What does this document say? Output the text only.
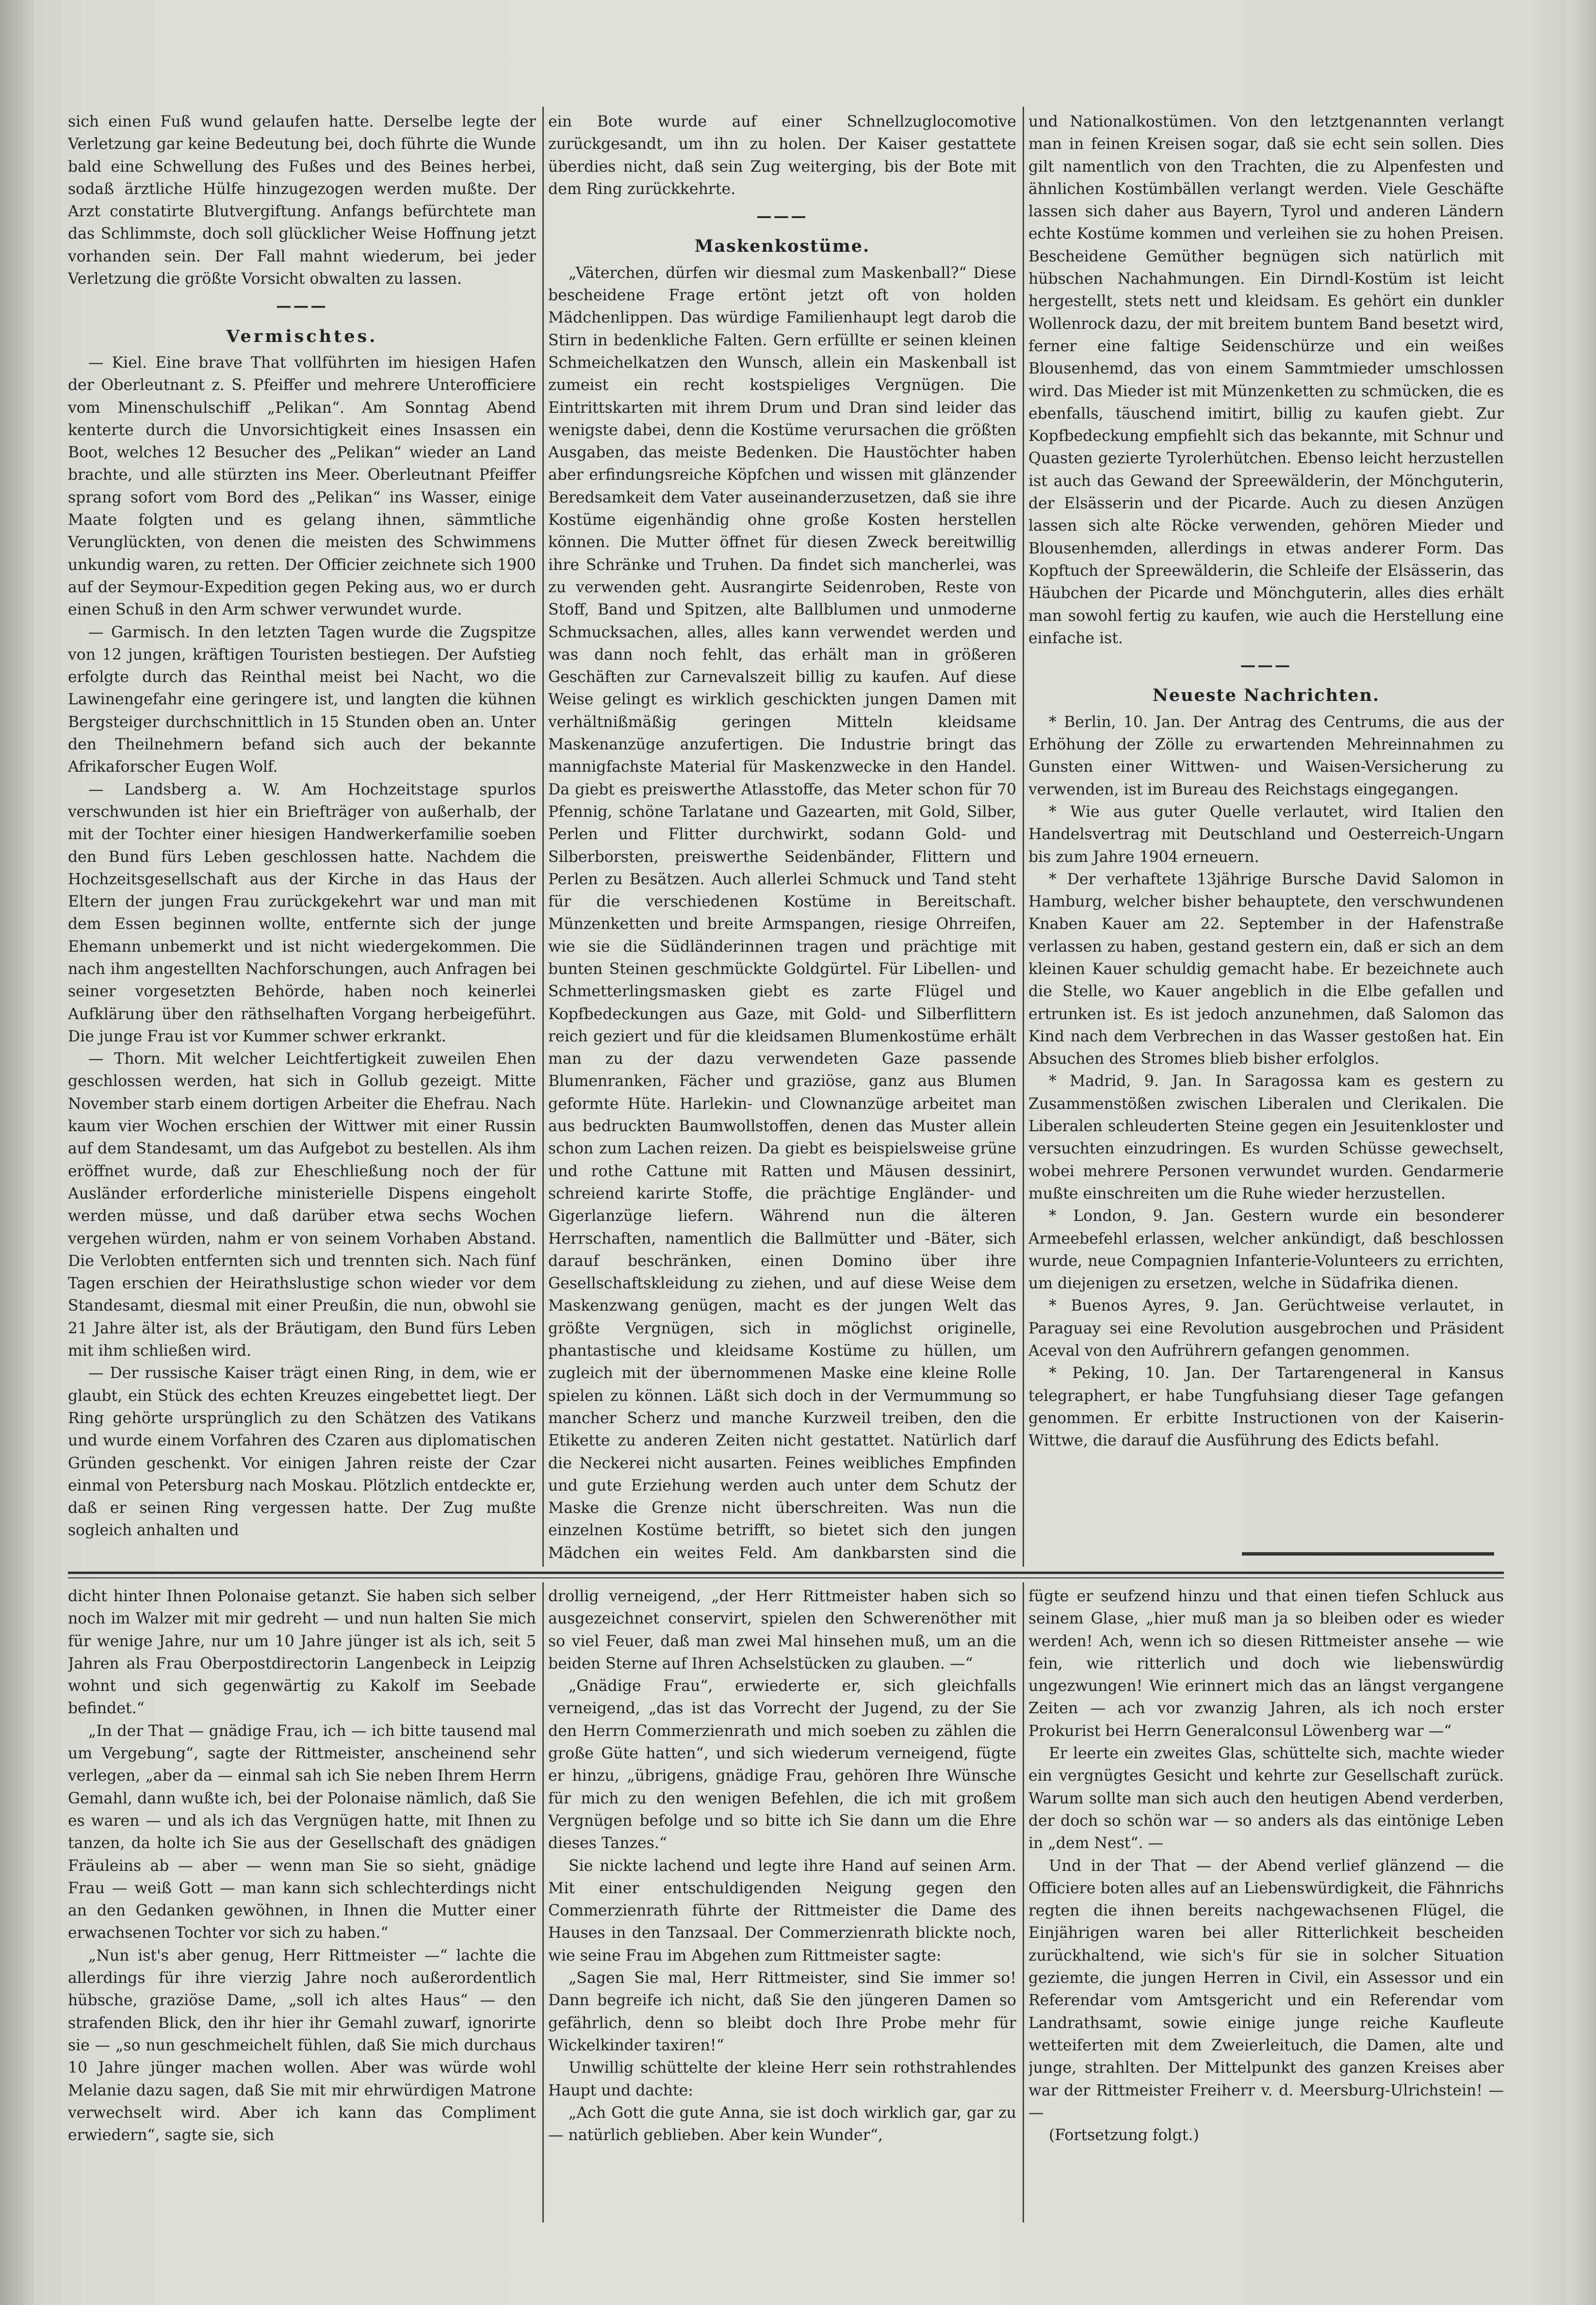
sich einen Fuß wund gelaufen hatte. Derselbe legte der Verletzung gar keine Bedeutung bei, doch führte die Wunde bald eine Schwellung des Fußes und des Beines herbei, sodaß ärztliche Hülfe hinzugezogen werden mußte. Der Arzt constatirte Blutvergiftung. Anfangs befürchtete man das Schlimmste, doch soll glücklicher Weise Hoffnung jetzt vorhanden sein. Der Fall mahnt wiederum, bei jeder Verletzung die größte Vorsicht obwalten zu lassen.

———
Vermischtes.

— Kiel. Eine brave That vollführten im hiesigen Hafen der Oberleutnant z. S. Pfeiffer und mehrere Unterofficiere vom Minenschulschiff „Pelikan“. Am Sonntag Abend kenterte durch die Unvorsichtigkeit eines Insassen ein Boot, welches 12 Besucher des „Pelikan“ wieder an Land brachte, und alle stürzten ins Meer. Oberleutnant Pfeiffer sprang sofort vom Bord des „Pelikan“ ins Wasser, einige Maate folgten und es gelang ihnen, sämmtliche Verunglückten, von denen die meisten des Schwimmens unkundig waren, zu retten. Der Officier zeichnete sich 1900 auf der Seymour-Expedition gegen Peking aus, wo er durch einen Schuß in den Arm schwer verwundet wurde.

— Garmisch. In den letzten Tagen wurde die Zugspitze von 12 jungen, kräftigen Touristen bestiegen. Der Aufstieg erfolgte durch das Reinthal meist bei Nacht, wo die Lawinengefahr eine geringere ist, und langten die kühnen Bergsteiger durchschnittlich in 15 Stunden oben an. Unter den Theilnehmern befand sich auch der bekannte Afrikaforscher Eugen Wolf.

— Landsberg a. W. Am Hochzeitstage spurlos verschwunden ist hier ein Briefträger von außerhalb, der mit der Tochter einer hiesigen Handwerkerfamilie soeben den Bund fürs Leben geschlossen hatte. Nachdem die Hochzeitsgesellschaft aus der Kirche in das Haus der Eltern der jungen Frau zurückgekehrt war und man mit dem Essen beginnen wollte, entfernte sich der junge Ehemann unbemerkt und ist nicht wiedergekommen. Die nach ihm angestellten Nachforschungen, auch Anfragen bei seiner vorgesetzten Behörde, haben noch keinerlei Aufklärung über den räthselhaften Vorgang herbeigeführt. Die junge Frau ist vor Kummer schwer erkrankt.

— Thorn. Mit welcher Leichtfertigkeit zuweilen Ehen geschlossen werden, hat sich in Gollub gezeigt. Mitte November starb einem dortigen Arbeiter die Ehefrau. Nach kaum vier Wochen erschien der Wittwer mit einer Russin auf dem Standesamt, um das Aufgebot zu bestellen. Als ihm eröffnet wurde, daß zur Eheschließung noch der für Ausländer erforderliche ministerielle Dispens eingeholt werden müsse, und daß darüber etwa sechs Wochen vergehen würden, nahm er von seinem Vorhaben Abstand. Die Verlobten entfernten sich und trennten sich. Nach fünf Tagen erschien der Heirathslustige schon wieder vor dem Standesamt, diesmal mit einer Preußin, die nun, obwohl sie 21 Jahre älter ist, als der Bräutigam, den Bund fürs Leben mit ihm schließen wird.

— Der russische Kaiser trägt einen Ring, in dem, wie er glaubt, ein Stück des echten Kreuzes eingebettet liegt. Der Ring gehörte ursprünglich zu den Schätzen des Vatikans und wurde einem Vorfahren des Czaren aus diplomatischen Gründen geschenkt. Vor einigen Jahren reiste der Czar einmal von Petersburg nach Moskau. Plötzlich entdeckte er, daß er seinen Ring vergessen hatte. Der Zug mußte sogleich anhalten und

ein Bote wurde auf einer Schnellzuglocomotive zurückgesandt, um ihn zu holen. Der Kaiser gestattete überdies nicht, daß sein Zug weiterging, bis der Bote mit dem Ring zurückkehrte.

———
Maskenkostüme.

„Väterchen, dürfen wir diesmal zum Maskenball?“ Diese bescheidene Frage ertönt jetzt oft von holden Mädchenlippen. Das würdige Familienhaupt legt darob die Stirn in bedenkliche Falten. Gern erfüllte er seinen kleinen Schmeichelkatzen den Wunsch, allein ein Maskenball ist zumeist ein recht kostspieliges Vergnügen. Die Eintrittskarten mit ihrem Drum und Dran sind leider das wenigste dabei, denn die Kostüme verursachen die größten Ausgaben, das meiste Bedenken. Die Haustöchter haben aber erfindungsreiche Köpfchen und wissen mit glänzender Beredsamkeit dem Vater auseinanderzusetzen, daß sie ihre Kostüme eigenhändig ohne große Kosten herstellen können. Die Mutter öffnet für diesen Zweck bereitwillig ihre Schränke und Truhen. Da findet sich mancherlei, was zu verwenden geht. Ausrangirte Seidenroben, Reste von Stoff, Band und Spitzen, alte Ballblumen und unmoderne Schmucksachen, alles, alles kann verwendet werden und was dann noch fehlt, das erhält man in größeren Geschäften zur Carnevalszeit billig zu kaufen. Auf diese Weise gelingt es wirklich geschickten jungen Damen mit verhältnißmäßig geringen Mitteln kleidsame Maskenanzüge anzufertigen. Die Industrie bringt das mannigfachste Material für Maskenzwecke in den Handel. Da giebt es preiswerthe Atlasstoffe, das Meter schon für 70 Pfennig, schöne Tarlatane und Gazearten, mit Gold, Silber, Perlen und Flitter durchwirkt, sodann Gold- und Silberborsten, preiswerthe Seidenbänder, Flittern und Perlen zu Besätzen. Auch allerlei Schmuck und Tand steht für die verschiedenen Kostüme in Bereitschaft. Münzenketten und breite Armspangen, riesige Ohrreifen, wie sie die Südländerinnen tragen und prächtige mit bunten Steinen geschmückte Goldgürtel. Für Libellen- und Schmetterlingsmasken giebt es zarte Flügel und Kopfbedeckungen aus Gaze, mit Gold- und Silberflittern reich geziert und für die kleidsamen Blumenkostüme erhält man zu der dazu verwendeten Gaze passende Blumenranken, Fächer und graziöse, ganz aus Blumen geformte Hüte. Harlekin- und Clownanzüge arbeitet man aus bedruckten Baumwollstoffen, denen das Muster allein schon zum Lachen reizen. Da giebt es beispielsweise grüne und rothe Cattune mit Ratten und Mäusen dessinirt, schreiend karirte Stoffe, die prächtige Engländer- und Gigerlanzüge liefern. Während nun die älteren Herrschaften, namentlich die Ballmütter und -Bäter, sich darauf beschränken, einen Domino über ihre Gesellschaftskleidung zu ziehen, und auf diese Weise dem Maskenzwang genügen, macht es der jungen Welt das größte Vergnügen, sich in möglichst originelle, phantastische und kleidsame Kostüme zu hüllen, um zugleich mit der übernommenen Maske eine kleine Rolle spielen zu können. Läßt sich doch in der Vermummung so mancher Scherz und manche Kurzweil treiben, den die Etikette zu anderen Zeiten nicht gestattet. Natürlich darf die Neckerei nicht ausarten. Feines weibliches Empfinden und gute Erziehung werden auch unter dem Schutz der Maske die Grenze nicht überschreiten. Was nun die einzelnen Kostüme betrifft, so bietet sich den jungen Mädchen ein weites Feld. Am dankbarsten sind die

und Nationalkostümen. Von den letztgenannten verlangt man in feinen Kreisen sogar, daß sie echt sein sollen. Dies gilt namentlich von den Trachten, die zu Alpenfesten und ähnlichen Kostümbällen verlangt werden. Viele Geschäfte lassen sich daher aus Bayern, Tyrol und anderen Ländern echte Kostüme kommen und verleihen sie zu hohen Preisen. Bescheidene Gemüther begnügen sich natürlich mit hübschen Nachahmungen. Ein Dirndl-Kostüm ist leicht hergestellt, stets nett und kleidsam. Es gehört ein dunkler Wollenrock dazu, der mit breitem buntem Band besetzt wird, ferner eine faltige Seidenschürze und ein weißes Blousenhemd, das von einem Sammtmieder umschlossen wird. Das Mieder ist mit Münzenketten zu schmücken, die es ebenfalls, täuschend imitirt, billig zu kaufen giebt. Zur Kopfbedeckung empfiehlt sich das bekannte, mit Schnur und Quasten gezierte Tyrolerhütchen. Ebenso leicht herzustellen ist auch das Gewand der Spreewälderin, der Mönchguterin, der Elsässerin und der Picarde. Auch zu diesen Anzügen lassen sich alte Röcke verwenden, gehören Mieder und Blousenhemden, allerdings in etwas anderer Form. Das Kopftuch der Spreewälderin, die Schleife der Elsässerin, das Häubchen der Picarde und Mönchguterin, alles dies erhält man sowohl fertig zu kaufen, wie auch die Herstellung eine einfache ist.

———
Neueste Nachrichten.

* Berlin, 10. Jan. Der Antrag des Centrums, die aus der Erhöhung der Zölle zu erwartenden Mehreinnahmen zu Gunsten einer Wittwen- und Waisen-Versicherung zu verwenden, ist im Bureau des Reichstags eingegangen.

* Wie aus guter Quelle verlautet, wird Italien den Handelsvertrag mit Deutschland und Oesterreich-Ungarn bis zum Jahre 1904 erneuern.

* Der verhaftete 13jährige Bursche David Salomon in Hamburg, welcher bisher behauptete, den verschwundenen Knaben Kauer am 22. September in der Hafenstraße verlassen zu haben, gestand gestern ein, daß er sich an dem kleinen Kauer schuldig gemacht habe. Er bezeichnete auch die Stelle, wo Kauer angeblich in die Elbe gefallen und ertrunken ist. Es ist jedoch anzunehmen, daß Salomon das Kind nach dem Verbrechen in das Wasser gestoßen hat. Ein Absuchen des Stromes blieb bisher erfolglos.

* Madrid, 9. Jan. In Saragossa kam es gestern zu Zusammenstößen zwischen Liberalen und Clerikalen. Die Liberalen schleuderten Steine gegen ein Jesuitenkloster und versuchten einzudringen. Es wurden Schüsse gewechselt, wobei mehrere Personen verwundet wurden. Gendarmerie mußte einschreiten um die Ruhe wieder herzustellen.

* London, 9. Jan. Gestern wurde ein besonderer Armeebefehl erlassen, welcher ankündigt, daß beschlossen wurde, neue Compagnien Infanterie-Volunteers zu errichten, um diejenigen zu ersetzen, welche in Südafrika dienen.

* Buenos Ayres, 9. Jan. Gerüchtweise verlautet, in Paraguay sei eine Revolution ausgebrochen und Präsident Aceval von den Aufrührern gefangen genommen.

* Peking, 10. Jan. Der Tartarengeneral in Kansus telegraphert, er habe Tungfuhsiang dieser Tage gefangen genommen. Er erbitte Instructionen von der Kaiserin-Wittwe, die darauf die Ausführung des Edicts befahl.

dicht hinter Ihnen Polonaise getanzt. Sie haben sich selber noch im Walzer mit mir gedreht — und nun halten Sie mich für wenige Jahre, nur um 10 Jahre jünger ist als ich, seit 5 Jahren als Frau Oberpostdirectorin Langenbeck in Leipzig wohnt und sich gegenwärtig zu Kakolf im Seebade befindet.“

„In der That — gnädige Frau, ich — ich bitte tausend mal um Vergebung“, sagte der Rittmeister, anscheinend sehr verlegen, „aber da — einmal sah ich Sie neben Ihrem Herrn Gemahl, dann wußte ich, bei der Polonaise nämlich, daß Sie es waren — und als ich das Vergnügen hatte, mit Ihnen zu tanzen, da holte ich Sie aus der Gesellschaft des gnädigen Fräuleins ab — aber — wenn man Sie so sieht, gnädige Frau — weiß Gott — man kann sich schlechterdings nicht an den Gedanken gewöhnen, in Ihnen die Mutter einer erwachsenen Tochter vor sich zu haben.“

„Nun ist's aber genug, Herr Rittmeister —“ lachte die allerdings für ihre vierzig Jahre noch außerordentlich hübsche, graziöse Dame, „soll ich altes Haus“ — den strafenden Blick, den ihr hier ihr Gemahl zuwarf, ignorirte sie — „so nun geschmeichelt fühlen, daß Sie mich durchaus 10 Jahre jünger machen wollen. Aber was würde wohl Melanie dazu sagen, daß Sie mit mir ehrwürdigen Matrone verwechselt wird. Aber ich kann das Compliment erwiedern“, sagte sie, sich

drollig verneigend, „der Herr Rittmeister haben sich so ausgezeichnet conservirt, spielen den Schwerenöther mit so viel Feuer, daß man zwei Mal hinsehen muß, um an die beiden Sterne auf Ihren Achselstücken zu glauben. —“

„Gnädige Frau“, erwiederte er, sich gleichfalls verneigend, „das ist das Vorrecht der Jugend, zu der Sie den Herrn Commerzienrath und mich soeben zu zählen die große Güte hatten“, und sich wiederum verneigend, fügte er hinzu, „übrigens, gnädige Frau, gehören Ihre Wünsche für mich zu den wenigen Befehlen, die ich mit großem Vergnügen befolge und so bitte ich Sie dann um die Ehre dieses Tanzes.“

Sie nickte lachend und legte ihre Hand auf seinen Arm. Mit einer entschuldigenden Neigung gegen den Commerzienrath führte der Rittmeister die Dame des Hauses in den Tanzsaal. Der Commerzienrath blickte noch, wie seine Frau im Abgehen zum Rittmeister sagte:

„Sagen Sie mal, Herr Rittmeister, sind Sie immer so! Dann begreife ich nicht, daß Sie den jüngeren Damen so gefährlich, denn so bleibt doch Ihre Probe mehr für Wickelkinder taxiren!“

Unwillig schüttelte der kleine Herr sein rothstrahlendes Haupt und dachte:

„Ach Gott die gute Anna, sie ist doch wirklich gar, gar zu — natürlich geblieben. Aber kein Wunder“,

fügte er seufzend hinzu und that einen tiefen Schluck aus seinem Glase, „hier muß man ja so bleiben oder es wieder werden! Ach, wenn ich so diesen Rittmeister ansehe — wie fein, wie ritterlich und doch wie liebenswürdig ungezwungen! Wie erinnert mich das an längst vergangene Zeiten — ach vor zwanzig Jahren, als ich noch erster Prokurist bei Herrn Generalconsul Löwenberg war —“

Er leerte ein zweites Glas, schüttelte sich, machte wieder ein vergnügtes Gesicht und kehrte zur Gesellschaft zurück. Warum sollte man sich auch den heutigen Abend verderben, der doch so schön war — so anders als das eintönige Leben in „dem Nest“. —

Und in der That — der Abend verlief glänzend — die Officiere boten alles auf an Liebenswürdigkeit, die Fähnrichs regten die ihnen bereits nachgewachsenen Flügel, die Einjährigen waren bei aller Ritterlichkeit bescheiden zurückhaltend, wie sich's für sie in solcher Situation geziemte, die jungen Herren in Civil, ein Assessor und ein Referendar vom Amtsgericht und ein Referendar vom Landrathsamt, sowie einige junge reiche Kaufleute wetteiferten mit dem Zweierleituch, die Damen, alte und junge, strahlten. Der Mittelpunkt des ganzen Kreises aber war der Rittmeister Freiherr v. d. Meersburg-Ulrichstein! — —

(Fortsetzung folgt.)
